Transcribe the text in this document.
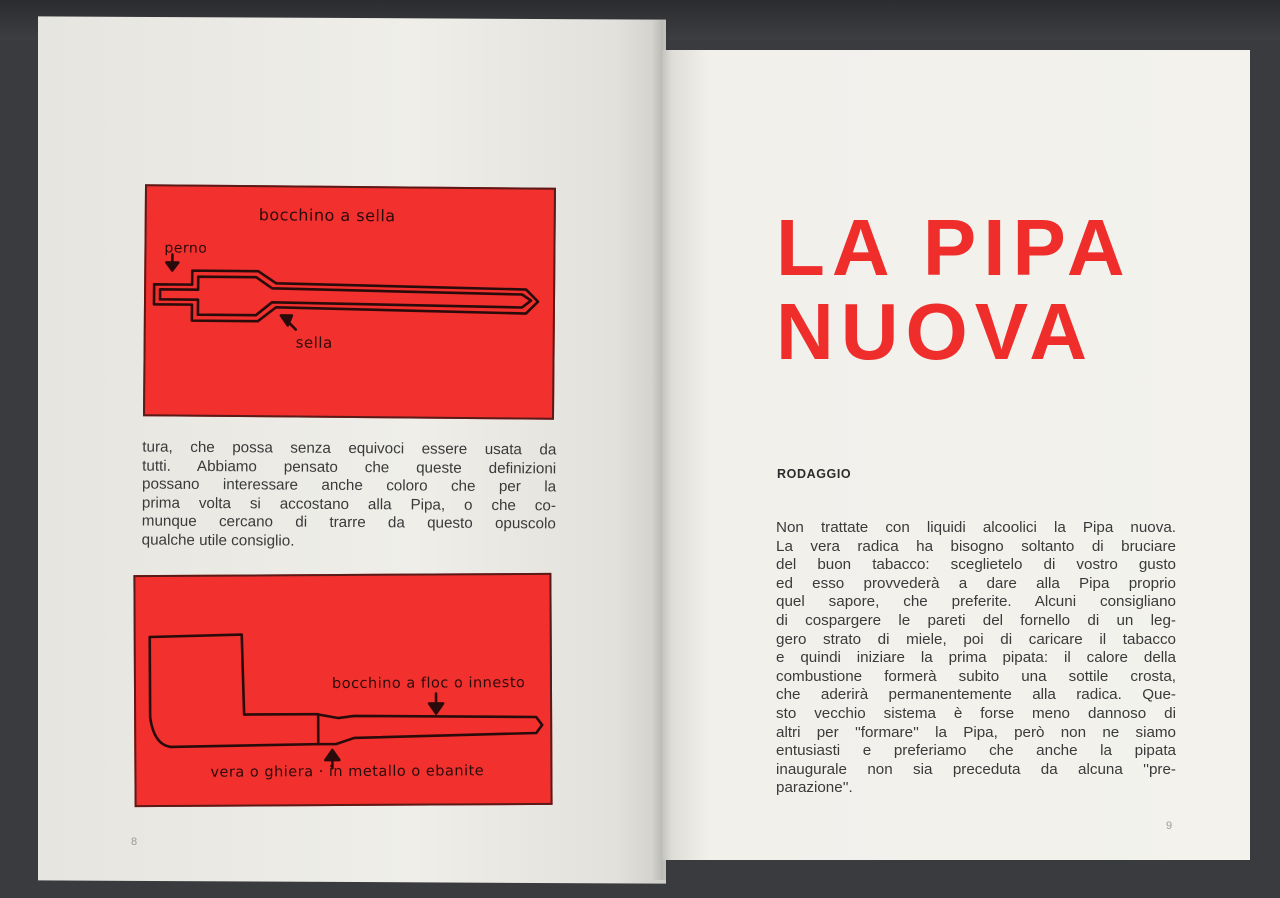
bocchino a sella
perno
sella
tura, che possa senza equivoci essere usata da
tutti. Abbiamo pensato che queste definizioni
possano interessare anche coloro che per la
prima volta si accostano alla Pipa, o che co-
munque cercano di trarre da questo opuscolo
qualche utile consiglio.
bocchino a floc o innesto
vera o ghiera · in metallo o ebanite
8
LA PIPA
NUOVA
RODAGGIO
Non trattate con liquidi alcoolici la Pipa nuova.
La vera radica ha bisogno soltanto di bruciare
del buon tabacco: sceglietelo di vostro gusto
ed esso provvederà a dare alla Pipa proprio
quel sapore, che preferite. Alcuni consigliano
di cospargere le pareti del fornello di un leg-
gero strato di miele, poi di caricare il tabacco
e quindi iniziare la prima pipata: il calore della
combustione formerà subito una sottile crosta,
che aderirà permanentemente alla radica. Que-
sto vecchio sistema è forse meno dannoso di
altri per ''formare'' la Pipa, però non ne siamo
entusiasti e preferiamo che anche la pipata
inaugurale non sia preceduta da alcuna ''pre-
parazione''.
9
